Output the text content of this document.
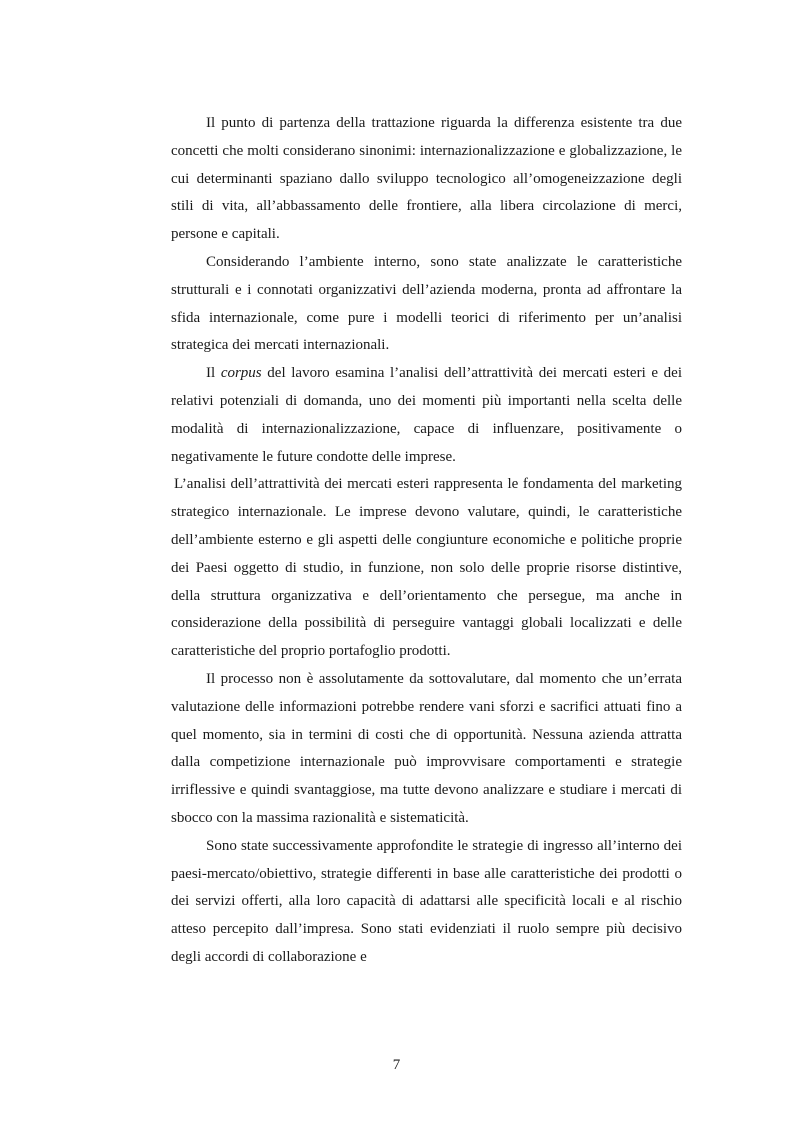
Il punto di partenza della trattazione riguarda la differenza esistente tra due concetti che molti considerano sinonimi: internazionalizzazione e globalizzazione, le cui determinanti spaziano dallo sviluppo tecnologico all’omogeneizzazione degli stili di vita, all’abbassamento delle frontiere, alla libera circolazione di merci, persone e capitali.

Considerando l’ambiente interno, sono state analizzate le caratteristiche strutturali e i connotati organizzativi dell’azienda moderna, pronta ad affrontare la sfida internazionale, come pure i modelli teorici di riferimento per un’analisi strategica dei mercati internazionali.

Il corpus del lavoro esamina l’analisi dell’attrattività dei mercati esteri e dei relativi potenziali di domanda, uno dei momenti più importanti nella scelta delle modalità di internazionalizzazione, capace di influenzare, positivamente o negativamente le future condotte delle imprese.

L’analisi dell’attrattività dei mercati esteri rappresenta le fondamenta del marketing strategico internazionale. Le imprese devono valutare, quindi, le caratteristiche dell’ambiente esterno e gli aspetti delle congiunture economiche e politiche proprie dei Paesi oggetto di studio, in funzione, non solo delle proprie risorse distintive, della struttura organizzativa e dell’orientamento che persegue, ma anche in considerazione della possibilità di perseguire vantaggi globali localizzati e delle caratteristiche del proprio portafoglio prodotti.

Il processo non è assolutamente da sottovalutare, dal momento che un’errata valutazione delle informazioni potrebbe rendere vani sforzi e sacrifici attuati fino a quel momento, sia in termini di costi che di opportunità. Nessuna azienda attratta dalla competizione internazionale può improvvisare comportamenti e strategie irriflessive e quindi svantaggiose, ma tutte devono analizzare e studiare i mercati di sbocco con la massima razionalità e sistematicità.

Sono state successivamente approfondite le strategie di ingresso all’interno dei paesi-mercato/obiettivo, strategie differenti in base alle caratteristiche dei prodotti o dei servizi offerti, alla loro capacità di adattarsi alle specificità locali e al rischio atteso percepito dall’impresa. Sono stati evidenziati il ruolo sempre più decisivo degli accordi di collaborazione e

7
